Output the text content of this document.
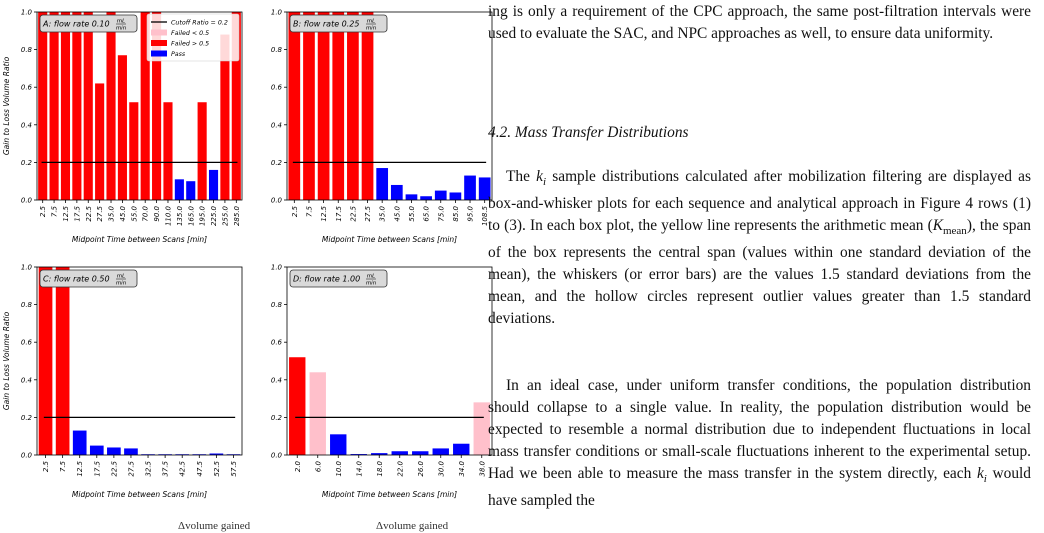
0.0
0.2
0.4
0.6
0.8
1.0
2.5 7.5 12.5 17.5 22.5 27.5 35.0 45.0 55.0 70.0 90.0 110.0 135.0 165.0 195.0 225.0 255.0 285.0
Midpoint Time between Scans [min]
Gain to Loss Volume Ratio
A: flow rate 0.10 mL
min
Cutoff Ratio = 0.2
Failed < 0.5
Failed > 0.5
Pass
0.0
0.2
0.4
0.6
0.8
1.0
2.5 7.5 12.5 17.5 22.5 27.5 35.0 45.0 55.0 65.0 75.0 85.0 95.0 108.5
Midpoint Time between Scans [min]
B: flow rate 0.25 mL
min
0.0
0.2
0.4
0.6
0.8
1.0
2.5 7.5 12.5 17.5 22.5 27.5 32.5 37.5 42.5 47.5 52.5 57.5
Midpoint Time between Scans [min]
Gain to Loss Volume Ratio
C: flow rate 0.50 mL
min
0.0
0.2
0.4
0.6
0.8
1.0
2.0 6.0 10.0 14.0 18.0 22.0 26.0 30.0 34.0 38.0
Midpoint Time between Scans [min]
D: flow rate 1.00 mL
min
Δvolume gained	Δvolume gained

ing is only a requirement of the CPC approach, the same post-filtration intervals were used to evaluate the SAC, and NPC approaches as well, to ensure data uniformity.

4.2. Mass Transfer Distributions

The $k_i$ sample distributions calculated after mobilization filtering are displayed as box-and-whisker plots for each sequence and analytical approach in Figure 4 rows (1) to (3). In each box plot, the yellow line represents the arithmetic mean $(K_{mean})$, the span of the box represents the central span (values within one standard deviation of the mean), the whiskers (or error bars) are the values 1.5 standard deviations from the mean, and the hollow circles represent outlier values greater than 1.5 standard deviations.

In an ideal case, under uniform transfer conditions, the population distribution should collapse to a single value. In reality, the population distribution would be expected to resemble a normal distribution due to independent fluctuations in local mass transfer conditions or small-scale fluctuations inherent to the experimental setup. Had we been able to measure the mass transfer in the system directly, each $k_i$ would have sampled the
